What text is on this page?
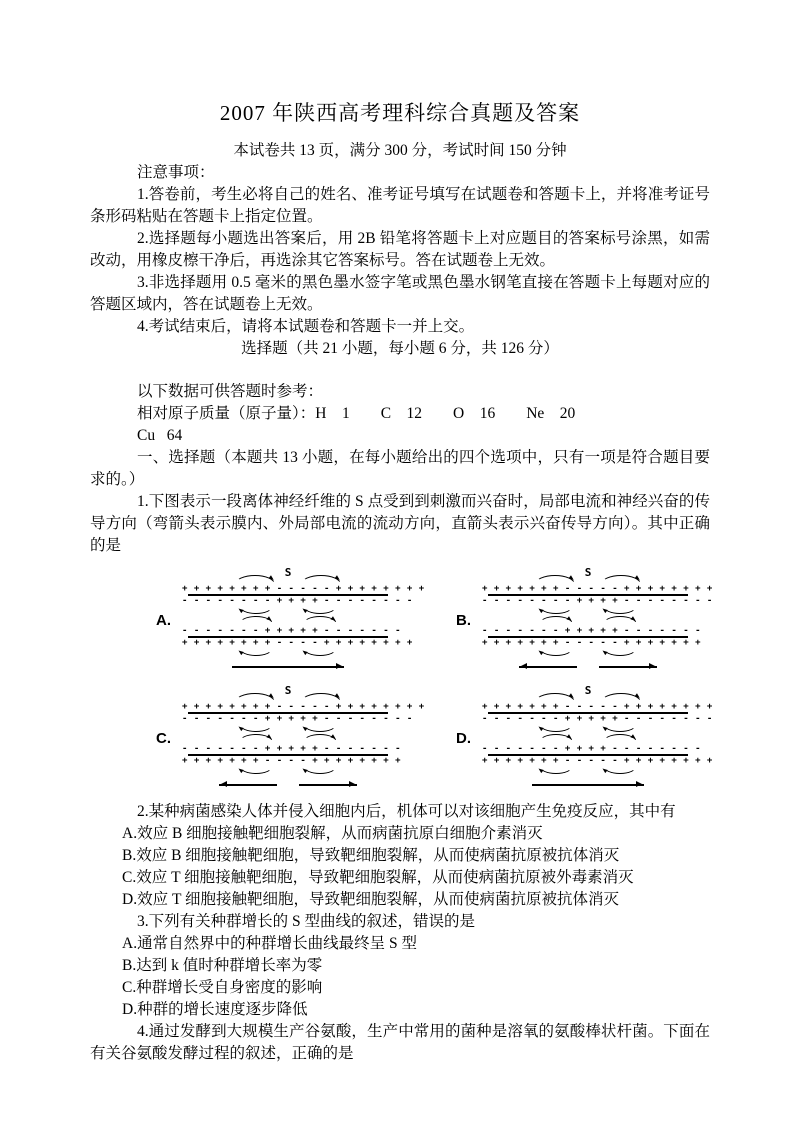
2007 年陕西高考理科综合真题及答案

本试卷共 13 页，满分 300 分，考试时间 150 分钟

注意事项：

1.答卷前，考生必将自己的姓名、准考证号填写在试题卷和答题卡上，并将准考证号条形码粘贴在答题卡上指定位置。

2.选择题每小题选出答案后，用 2B 铅笔将答题卡上对应题目的答案标号涂黑，如需改动，用橡皮檫干净后，再选涂其它答案标号。答在试题卷上无效。

3.非选择题用 0.5 毫米的黑色墨水签字笔或黑色墨水钢笔直接在答题卡上每题对应的答题区域内，答在试题卷上无效。

4.考试结束后，请将本试题卷和答题卡一并上交。

选择题（共 21 小题，每小题 6 分，共 126 分）

以下数据可供答题时参考：

相对原子质量（原子量）：H    1        C    12        O    16        Ne    20

Cu   64

一、选择题（本题共 13 小题，在每小题给出的四个选项中，只有一项是符合题目要求的。）

1.下图表示一段离体神经纤维的 S 点受到到刺激而兴奋时，局部电流和神经兴奋的传导方向（弯箭头表示膜内、外局部电流的流动方向，直箭头表示兴奋传导方向）。其中正确的是

A.
S
+ + + + + + + + - - - - - + + + + + + + +
- - - - - - - - + + + + - - - - - - - -
- - - - - - - + + + + + - - - - - - -
+ + + + + + + + - - - - + + + + + + + +
B.
S
+ + + + + + + - - - - - + + + + + + + +
- - - - - - - - + + + + - - - - - - - -
- - - - - - - + + + + + - - - - - - -
+ + + + + + + - - - - - + + + + + + +
C.
S
+ + + + + + + + - - - - - + + + + + + + +
- - - - - - - + + + + + - - - - - - - -
- - - - - - - + + + + + - - - - - - -
+ + + + + + + - - - - + + + + + + + +
D.
S
+ + + + + + + - - - - - + + + + + + + +
- - - - - - - + + + + + - - - - - - - -
- - - - - - - + + + + - - - - - - - -
+ + + + + + + - - - - - + + + + + + + +

2.某种病菌感染人体并侵入细胞内后，机体可以对该细胞产生免疫反应，其中有

A.效应 B 细胞接触靶细胞裂解，从而病菌抗原白细胞介素消灭

B.效应 B 细胞接触靶细胞，导致靶细胞裂解，从而使病菌抗原被抗体消灭

C.效应 T 细胞接触靶细胞，导致靶细胞裂解，从而使病菌抗原被外毒素消灭

D.效应 T 细胞接触靶细胞，导致靶细胞裂解，从而使病菌抗原被抗体消灭

3.下列有关种群增长的 S 型曲线的叙述，错误的是

A.通常自然界中的种群增长曲线最终呈 S 型

B.达到 k 值时种群增长率为零

C.种群增长受自身密度的影响

D.种群的增长速度逐步降低

4.通过发酵到大规模生产谷氨酸，生产中常用的菌种是溶氧的氨酸棒状杆菌。下面在有关谷氨酸发酵过程的叙述，正确的是
